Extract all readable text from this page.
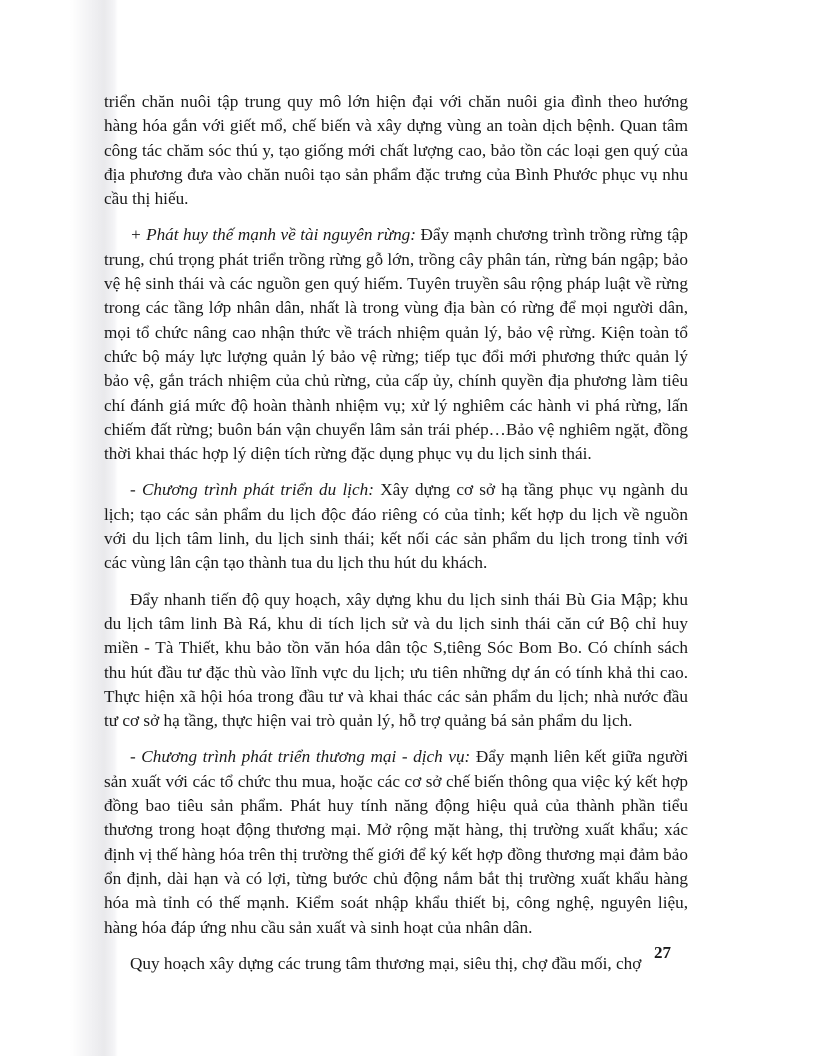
triển chăn nuôi tập trung quy mô lớn hiện đại với chăn nuôi gia đình theo hướng hàng hóa gắn với giết mổ, chế biến và xây dựng vùng an toàn dịch bệnh. Quan tâm công tác chăm sóc thú y, tạo giống mới chất lượng cao, bảo tồn các loại gen quý của địa phương đưa vào chăn nuôi tạo sản phẩm đặc trưng của Bình Phước phục vụ nhu cầu thị hiếu.

+ Phát huy thế mạnh về tài nguyên rừng: Đẩy mạnh chương trình trồng rừng tập trung, chú trọng phát triển trồng rừng gỗ lớn, trồng cây phân tán, rừng bán ngập; bảo vệ hệ sinh thái và các nguồn gen quý hiếm. Tuyên truyền sâu rộng pháp luật về rừng trong các tầng lớp nhân dân, nhất là trong vùng địa bàn có rừng để mọi người dân, mọi tổ chức nâng cao nhận thức về trách nhiệm quản lý, bảo vệ rừng. Kiện toàn tổ chức bộ máy lực lượng quản lý bảo vệ rừng; tiếp tục đổi mới phương thức quản lý bảo vệ, gắn trách nhiệm của chủ rừng, của cấp ủy, chính quyền địa phương làm tiêu chí đánh giá mức độ hoàn thành nhiệm vụ; xử lý nghiêm các hành vi phá rừng, lấn chiếm đất rừng; buôn bán vận chuyển lâm sản trái phép…Bảo vệ nghiêm ngặt, đồng thời khai thác hợp lý diện tích rừng đặc dụng phục vụ du lịch sinh thái.

- Chương trình phát triển du lịch: Xây dựng cơ sở hạ tầng phục vụ ngành du lịch; tạo các sản phẩm du lịch độc đáo riêng có của tỉnh; kết hợp du lịch về nguồn với du lịch tâm linh, du lịch sinh thái; kết nối các sản phẩm du lịch trong tỉnh với các vùng lân cận tạo thành tua du lịch thu hút du khách.

Đẩy nhanh tiến độ quy hoạch, xây dựng khu du lịch sinh thái Bù Gia Mập; khu du lịch tâm linh Bà Rá, khu di tích lịch sử và du lịch sinh thái căn cứ Bộ chỉ huy miền - Tà Thiết, khu bảo tồn văn hóa dân tộc S,tiêng Sóc Bom Bo. Có chính sách thu hút đầu tư đặc thù vào lĩnh vực du lịch; ưu tiên những dự án có tính khả thi cao. Thực hiện xã hội hóa trong đầu tư và khai thác các sản phẩm du lịch; nhà nước đầu tư cơ sở hạ tầng, thực hiện vai trò quản lý, hỗ trợ quảng bá sản phẩm du lịch.

- Chương trình phát triển thương mại - dịch vụ: Đẩy mạnh liên kết giữa người sản xuất với các tổ chức thu mua, hoặc các cơ sở chế biến thông qua việc ký kết hợp đồng bao tiêu sản phẩm. Phát huy tính năng động hiệu quả của thành phần tiểu thương trong hoạt động thương mại. Mở rộng mặt hàng, thị trường xuất khẩu; xác định vị thế hàng hóa trên thị trường thế giới để ký kết hợp đồng thương mại đảm bảo ổn định, dài hạn và có lợi, từng bước chủ động nắm bắt thị trường xuất khẩu hàng hóa mà tỉnh có thế mạnh. Kiểm soát nhập khẩu thiết bị, công nghệ, nguyên liệu, hàng hóa đáp ứng nhu cầu sản xuất và sinh hoạt của nhân dân.

Quy hoạch xây dựng các trung tâm thương mại, siêu thị, chợ đầu mối, chợ

27
